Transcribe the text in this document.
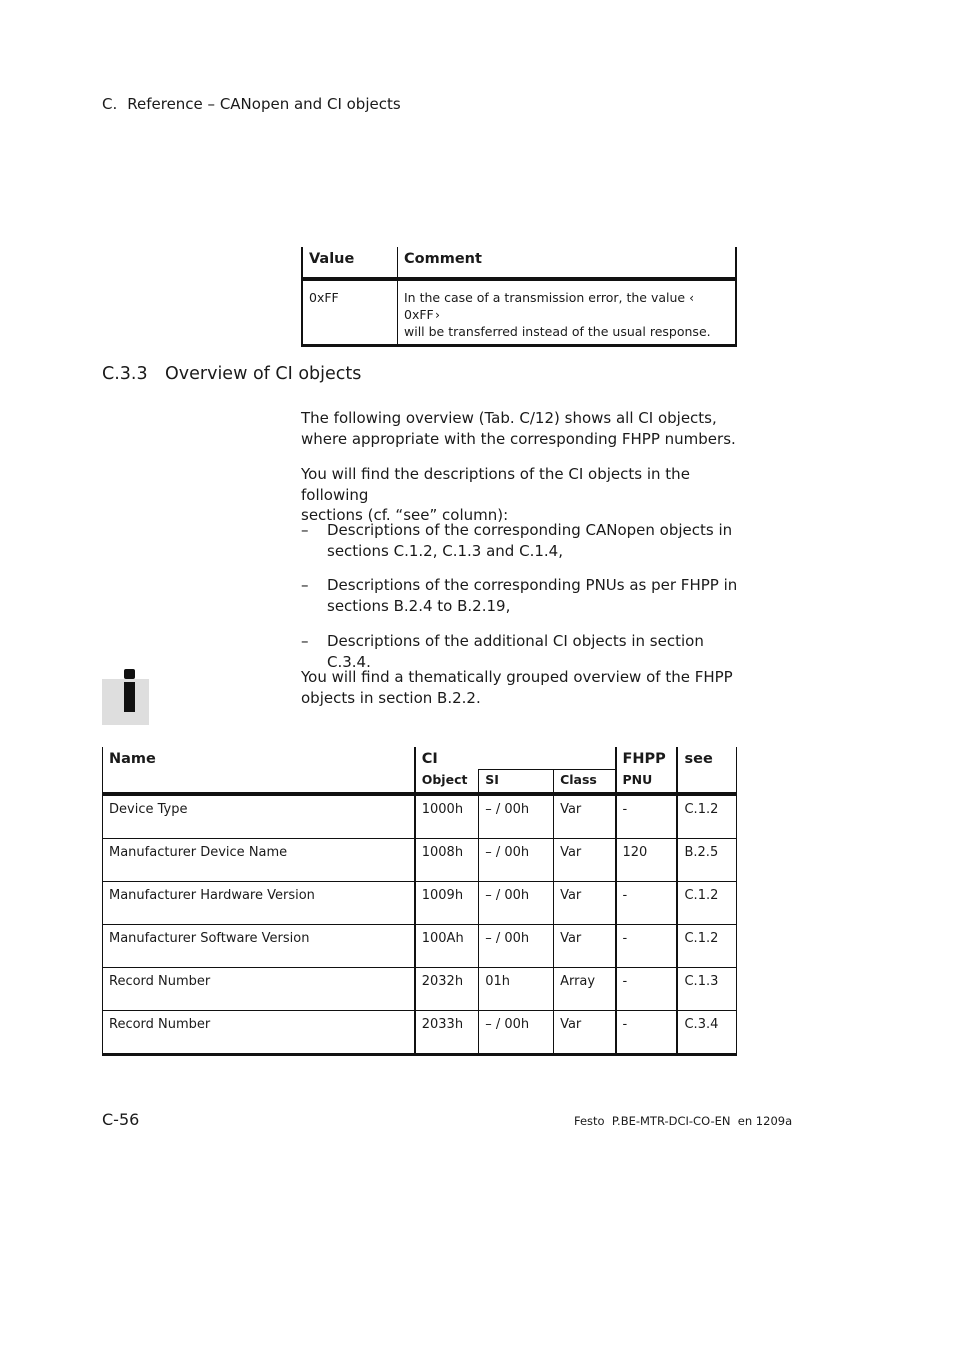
C. Reference – CANopen and CI objects
Value	Comment
0xFF	In the case of a transmission error, the value ‹ 0xFF ›
will be transferred instead of the usual response.
C.3.3 Overview of CI objects
The following overview (Tab. C/12) shows all CI objects,
where appropriate with the corresponding FHPP numbers.
You will find the descriptions of the CI objects in the following
sections (cf. “see” column):
– Descriptions of the corresponding CANopen objects in
sections C.1.2, C.1.3 and C.1.4,
– Descriptions of the corresponding PNUs as per FHPP in
sections B.2.4 to B.2.19,
– Descriptions of the additional CI objects in section C.3.4.
You will find a thematically grouped overview of the FHPP
objects in section B.2.2.
Name	CI			FHPP	see
	Object	SI	Class	PNU	
Device Type	1000h	– / 00h	Var	-	C.1.2
Manufacturer Device Name	1008h	– / 00h	Var	120	B.2.5
Manufacturer Hardware Version	1009h	– / 00h	Var	-	C.1.2
Manufacturer Software Version	100Ah	– / 00h	Var	-	C.1.2
Record Number	2032h	01h	Array	-	C.1.3
Record Number	2033h	– / 00h	Var	-	C.3.4
C-56	Festo  P.BE-MTR-DCI-CO-EN  en 1209a
